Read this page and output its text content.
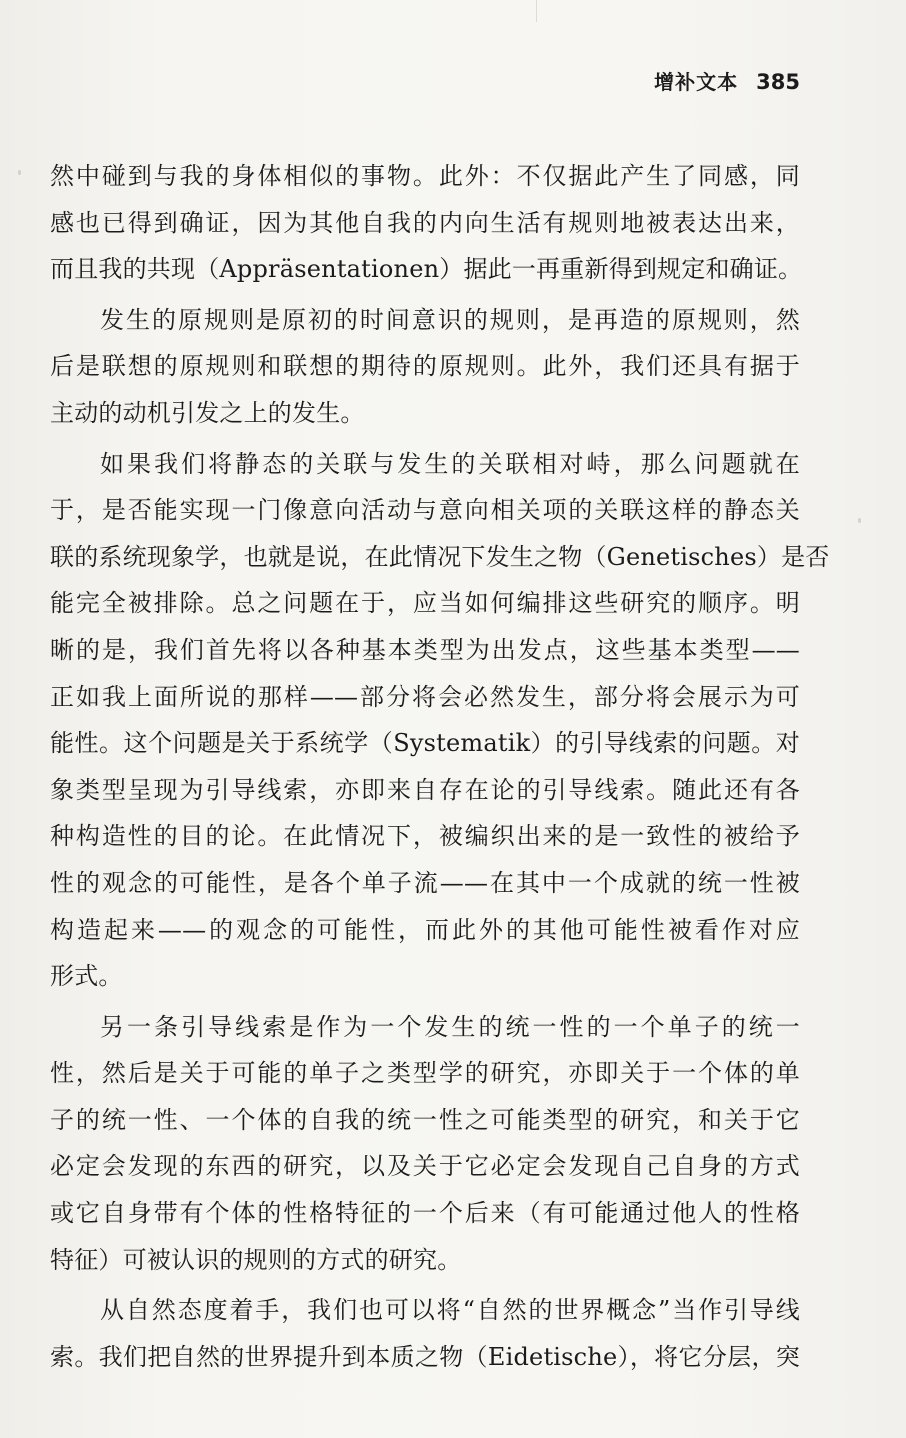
增补文本 385
然中碰到与我的身体相似的事物。此外：不仅据此产生了同感，同
感也已得到确证，因为其他自我的内向生活有规则地被表达出来，
而且我的共现（Appräsentationen）据此一再重新得到规定和确证。
发生的原规则是原初的时间意识的规则，是再造的原规则，然
后是联想的原规则和联想的期待的原规则。此外，我们还具有据于
主动的动机引发之上的发生。
如果我们将静态的关联与发生的关联相对峙，那么问题就在
于，是否能实现一门像意向活动与意向相关项的关联这样的静态关
联的系统现象学，也就是说，在此情况下发生之物（Genetisches）是否
能完全被排除。总之问题在于，应当如何编排这些研究的顺序。明
晰的是，我们首先将以各种基本类型为出发点，这些基本类型——
正如我上面所说的那样——部分将会必然发生，部分将会展示为可
能性。这个问题是关于系统学（Systematik）的引导线索的问题。对
象类型呈现为引导线索，亦即来自存在论的引导线索。随此还有各
种构造性的目的论。在此情况下，被编织出来的是一致性的被给予
性的观念的可能性，是各个单子流——在其中一个成就的统一性被
构造起来——的观念的可能性，而此外的其他可能性被看作对应
形式。
另一条引导线索是作为一个发生的统一性的一个单子的统一
性，然后是关于可能的单子之类型学的研究，亦即关于一个体的单
子的统一性、一个体的自我的统一性之可能类型的研究，和关于它
必定会发现的东西的研究，以及关于它必定会发现自己自身的方式
或它自身带有个体的性格特征的一个后来（有可能通过他人的性格
特征）可被认识的规则的方式的研究。
从自然态度着手，我们也可以将“自然的世界概念”当作引导线
索。我们把自然的世界提升到本质之物（Eidetische），将它分层，突
